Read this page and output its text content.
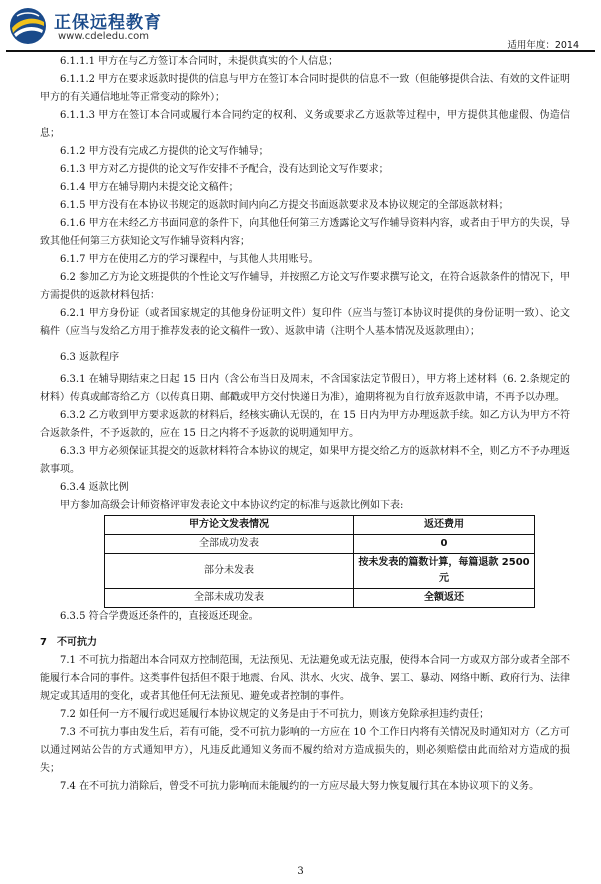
正保远程教育
www.cdeledu.com
适用年度：2014

6.1.1.1 甲方在与乙方签订本合同时，未提供真实的个人信息；

6.1.1.2 甲方在要求返款时提供的信息与甲方在签订本合同时提供的信息不一致（但能够提供合法、有效的文件证明甲方的有关通信地址等正常变动的除外）；

6.1.1.3 甲方在签订本合同或履行本合同约定的权利、义务或要求乙方返款等过程中，甲方提供其他虚假、伪造信息；

6.1.2 甲方没有完成乙方提供的论文写作辅导；

6.1.3 甲方对乙方提供的论文写作安排不予配合，没有达到论文写作要求；

6.1.4 甲方在辅导期内未提交论文稿件；

6.1.5 甲方没有在本协议书规定的返款时间内向乙方提交书面返款要求及本协议规定的全部返款材料；

6.1.6 甲方在未经乙方书面同意的条件下，向其他任何第三方透露论文写作辅导资料内容，或者由于甲方的失误，导致其他任何第三方获知论文写作辅导资料内容；

6.1.7 甲方在使用乙方的学习课程中，与其他人共用账号。

6.2 参加乙方为论文班提供的个性论文写作辅导，并按照乙方论文写作要求撰写论文，在符合返款条件的情况下，甲方需提供的返款材料包括：

6.2.1 甲方身份证（或者国家规定的其他身份证明文件）复印件（应当与签订本协议时提供的身份证明一致）、论文稿件（应当与发给乙方用于推荐发表的论文稿件一致）、返款申请（注明个人基本情况及返款理由）；

6.3 返款程序

6.3.1 在辅导期结束之日起 15 日内（含公布当日及周末，不含国家法定节假日），甲方将上述材料（6. 2.条规定的材料）传真或邮寄给乙方（以传真日期、邮戳或甲方交付快递日为准），逾期将视为自行放弃返款申请，不再予以办理。

6.3.2 乙方收到甲方要求返款的材料后，经核实确认无误的，在 15 日内为甲方办理返款手续。如乙方认为甲方不符合返款条件，不予返款的，应在 15 日之内将不予返款的说明通知甲方。

6.3.3 甲方必须保证其提交的返款材料符合本协议的规定，如果甲方提交给乙方的返款材料不全，则乙方不予办理返款事项。

6.3.4 返款比例

甲方参加高级会计师资格评审发表论文中本协议约定的标准与返款比例如下表:

甲方论文发表情况	返还费用
全部成功发表	0
部分未发表	按未发表的篇数计算，每篇退款 2500 元
全部未成功发表	全额返还

6.3.5 符合学费返还条件的，直接返还现金。

7　不可抗力

7.1 不可抗力指超出本合同双方控制范围，无法预见、无法避免或无法克服，使得本合同一方或双方部分或者全部不能履行本合同的事件。这类事件包括但不限于地震、台风、洪水、火灾、战争、罢工、暴动、网络中断、政府行为、法律规定或其适用的变化，或者其他任何无法预见、避免或者控制的事件。

7.2 如任何一方不履行或迟延履行本协议规定的义务是由于不可抗力，则该方免除承担违约责任；

7.3 不可抗力事由发生后，若有可能，受不可抗力影响的一方应在 10 个工作日内将有关情况及时通知对方（乙方可以通过网站公告的方式通知甲方），凡违反此通知义务而不履约给对方造成损失的，则必须赔偿由此而给对方造成的损失；

7.4 在不可抗力消除后，曾受不可抗力影响而未能履约的一方应尽最大努力恢复履行其在本协议项下的义务。

3
